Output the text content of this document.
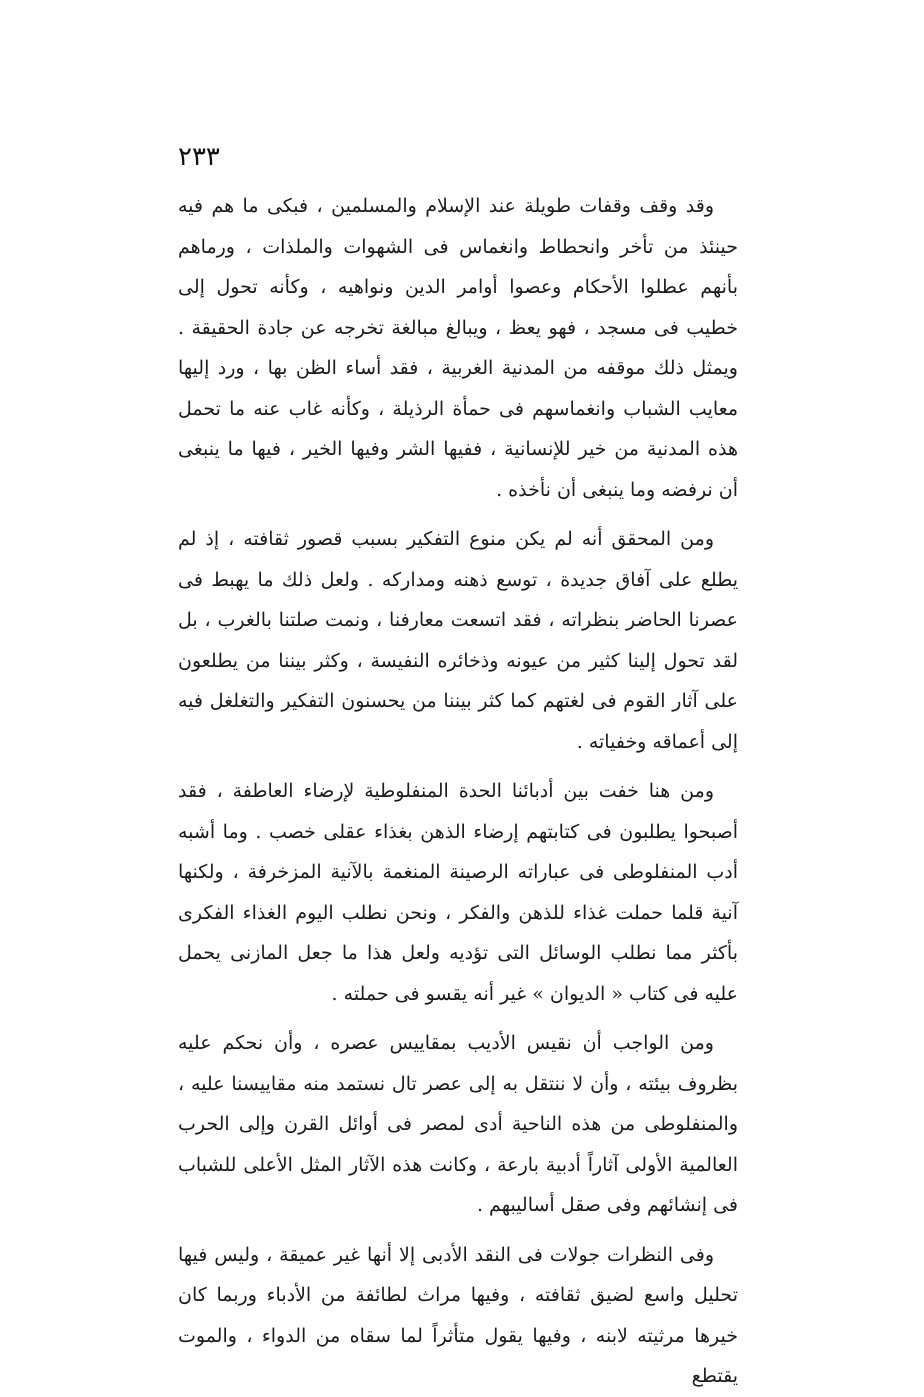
٢٣٣

وقد وقف وقفات طويلة عند الإسلام والمسلمين ، فبكى ما هم فيه حينئذ من تأخر وانحطاط وانغماس فى الشهوات والملذات ، ورماهم بأنهم عطلوا الأحكام وعصوا أوامر الدين ونواهيه ، وكأنه تحول إلى خطيب فى مسجد ، فهو يعظ ، ويبالغ مبالغة تخرجه عن جادة الحقيقة . ويمثل ذلك موقفه من المدنية الغربية ، فقد أساء الظن بها ، ورد إليها معايب الشباب وانغماسهم فى حمأة الرذيلة ، وكأنه غاب عنه ما تحمل هذه المدنية من خير للإنسانية ، ففيها الشر وفيها الخير ، فيها ما ينبغى أن نرفضه وما ينبغى أن نأخذه .

ومن المحقق أنه لم يكن منوع التفكير بسبب قصور ثقافته ، إذ لم يطلع على آفاق جديدة ، توسع ذهنه ومداركه . ولعل ذلك ما يهبط فى عصرنا الحاضر بنظراته ، فقد اتسعت معارفنا ، ونمت صلتنا بالغرب ، بل لقد تحول إلينا كثير من عيونه وذخائره النفيسة ، وكثر بيننا من يطلعون على آثار القوم فى لغتهم كما كثر بيننا من يحسنون التفكير والتغلغل فيه إلى أعماقه وخفياته .

ومن هنا خفت بين أدبائنا الحدة المنفلوطية لإرضاء العاطفة ، فقد أصبحوا يطلبون فى كتابتهم إرضاء الذهن بغذاء عقلى خصب . وما أشبه أدب المنفلوطى فى عباراته الرصينة المنغمة بالآنية المزخرفة ، ولكنها آنية قلما حملت غذاء للذهن والفكر ، ونحن نطلب اليوم الغذاء الفكرى بأكثر مما نطلب الوسائل التى تؤديه ولعل هذا ما جعل المازنى يحمل عليه فى كتاب « الديوان » غير أنه يقسو فى حملته .

ومن الواجب أن نقيس الأديب بمقاييس عصره ، وأن نحكم عليه بظروف بيئته ، وأن لا ننتقل به إلى عصر تال نستمد منه مقاييسنا عليه ، والمنفلوطى من هذه الناحية أدى لمصر فى أوائل القرن وإلى الحرب العالمية الأولى آثاراً أدبية بارعة ، وكانت هذه الآثار المثل الأعلى للشباب فى إنشائهم وفى صقل أساليبهم .

وفى النظرات جولات فى النقد الأدبى إلا أنها غير عميقة ، وليس فيها تحليل واسع لضيق ثقافته ، وفيها مراث لطائفة من الأدباء وربما كان خيرها مرثيته لابنه ، وفيها يقول متأثراً لما سقاه من الدواء ، والموت يقتطع
